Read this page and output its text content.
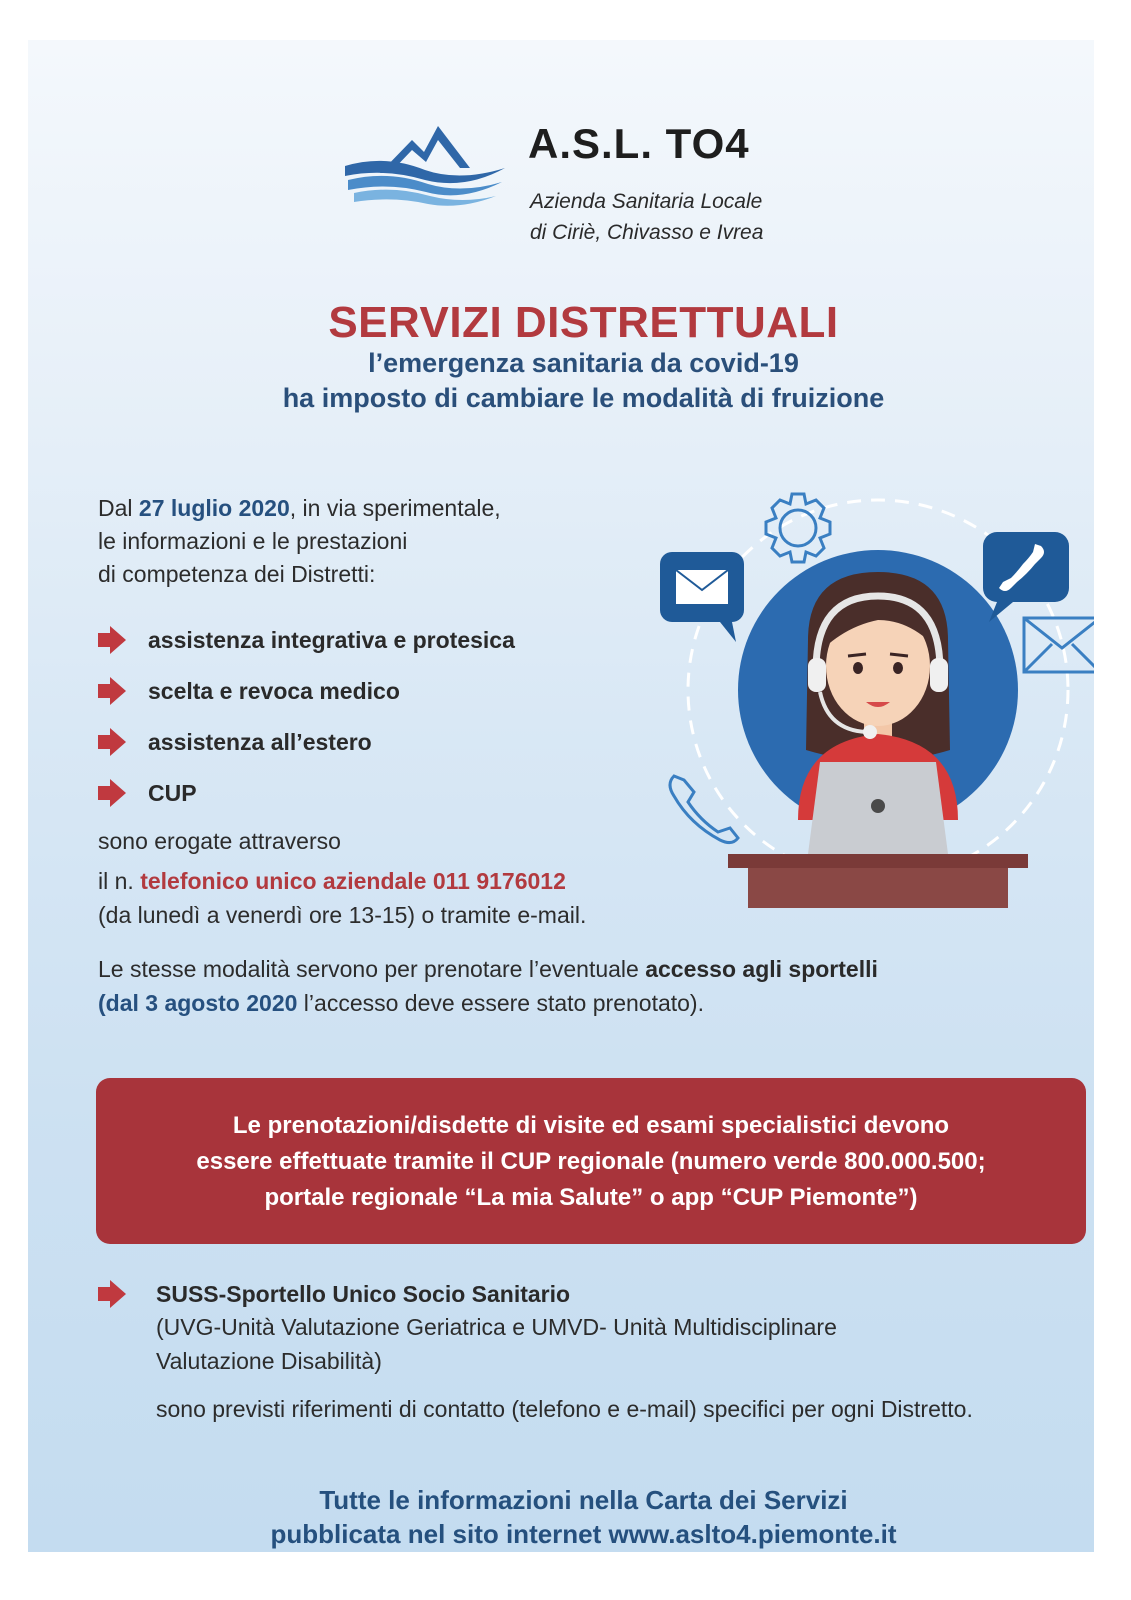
A.S.L. TO4
Azienda Sanitaria Locale
di Ciriè, Chivasso e Ivrea
SERVIZI DISTRETTUALI
l’emergenza sanitaria da covid-19
ha imposto di cambiare le modalità di fruizione
Dal 27 luglio 2020, in via sperimentale,
le informazioni e le prestazioni
di competenza dei Distretti:
assistenza integrativa e protesica
scelta e revoca medico
assistenza all’estero
CUP
sono erogate attraverso
il n. telefonico unico aziendale 011 9176012
(da lunedì a venerdì ore 13-15) o tramite e-mail.
Le stesse modalità servono per prenotare l’eventuale accesso agli sportelli
(dal 3 agosto 2020 l’accesso deve essere stato prenotato).
Le prenotazioni/disdette di visite ed esami specialistici devono
essere effettuate tramite il CUP regionale (numero verde 800.000.500;
portale regionale “La mia Salute” o app “CUP Piemonte”)
SUSS-Sportello Unico Socio Sanitario
(UVG-Unità Valutazione Geriatrica e UMVD- Unità Multidisciplinare
Valutazione Disabilità)
sono previsti riferimenti di contatto (telefono e e-mail) specifici per ogni Distretto.
Tutte le informazioni nella Carta dei Servizi
pubblicata nel sito internet www.aslto4.piemonte.it
